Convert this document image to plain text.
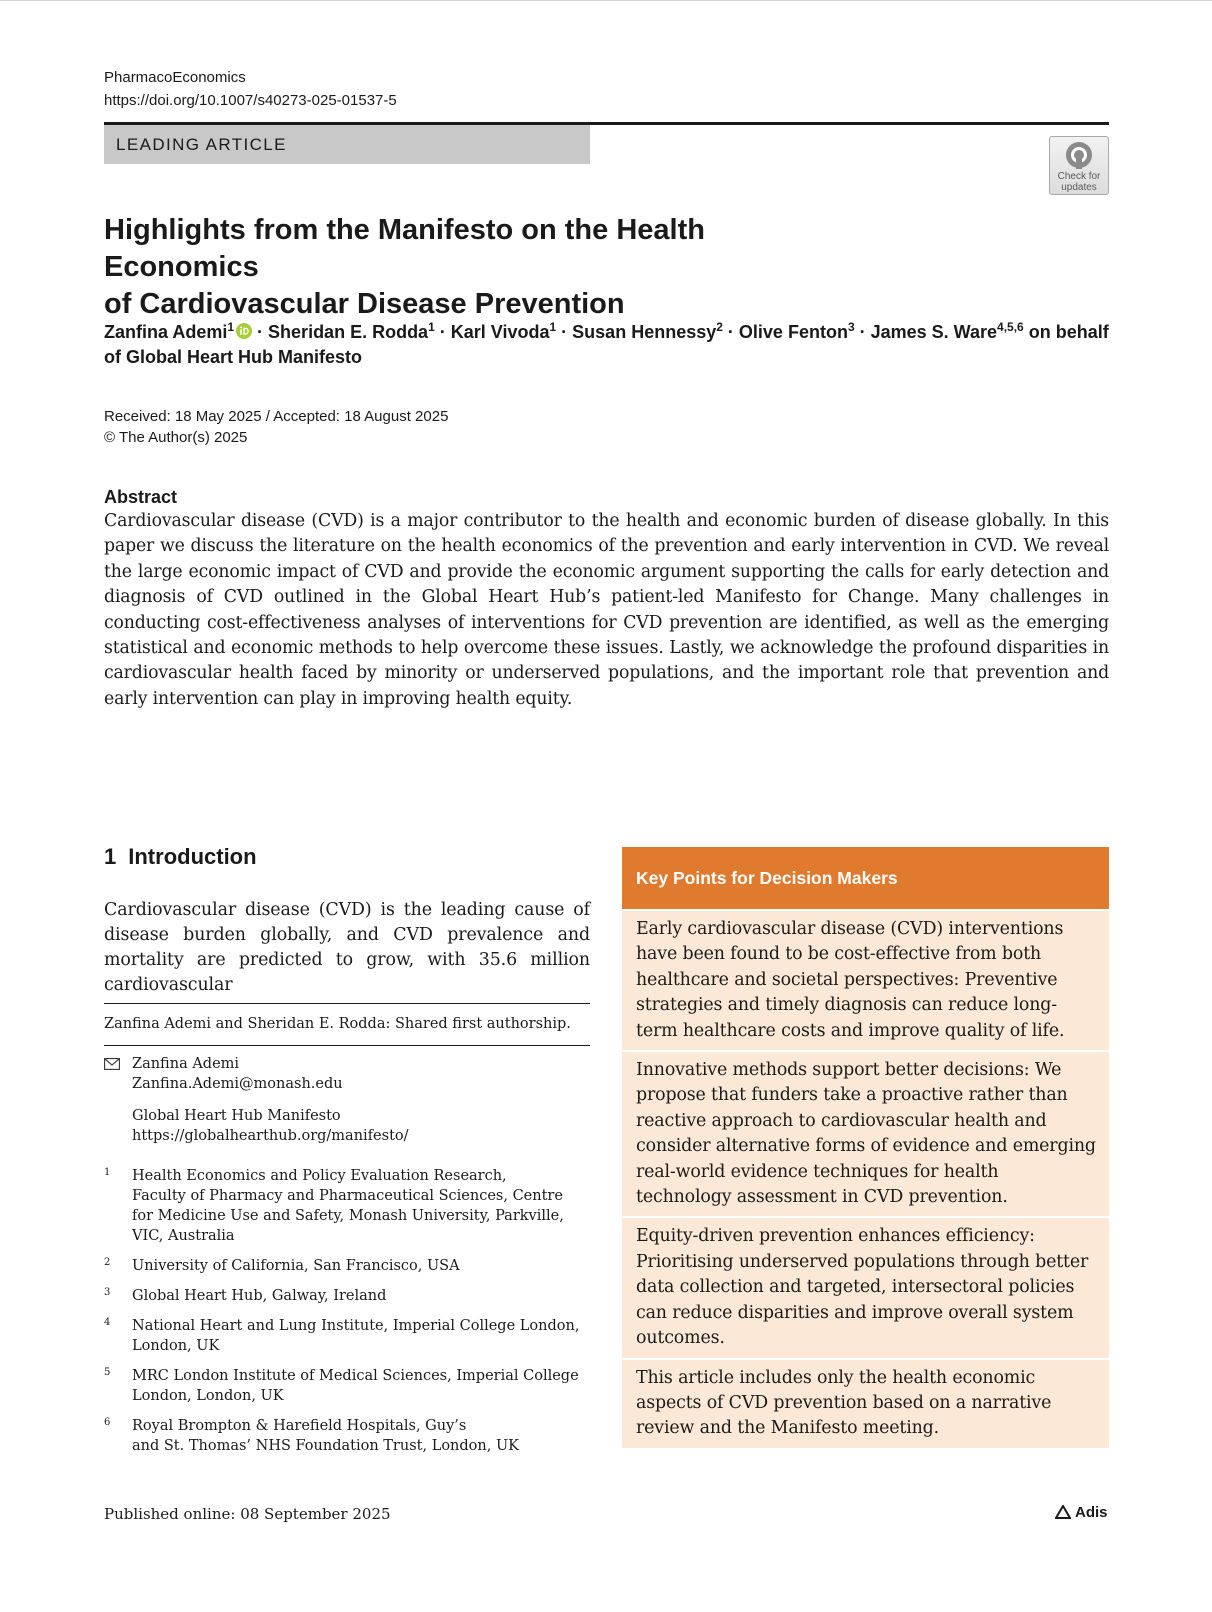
PharmacoEconomics
https://doi.org/10.1007/s40273-025-01537-5
LEADING ARTICLE
Check for
updates
Highlights from the Manifesto on the Health Economics
of Cardiovascular Disease Prevention
Zanfina Ademi$^1$
· Sheridan E. Rodda$^1$ · Karl Vivoda$^1$ · Susan Hennessy$^2$ · Olive Fenton$^3$ · James S. Ware$^{4,5,6}$ on behalf of Global Heart Hub Manifesto
Received: 18 May 2025 / Accepted: 18 August 2025
© The Author(s) 2025
Abstract
Cardiovascular disease (CVD) is a major contributor to the health and economic burden of disease globally. In this paper we discuss the literature on the health economics of the prevention and early intervention in CVD. We reveal the large economic impact of CVD and provide the economic argument supporting the calls for early detection and diagnosis of CVD outlined in the Global Heart Hub’s patient-led Manifesto for Change. Many challenges in conducting cost-effectiveness analyses of interventions for CVD prevention are identified, as well as the emerging statistical and economic methods to help overcome these issues. Lastly, we acknowledge the profound disparities in cardiovascular health faced by minority or underserved populations, and the important role that prevention and early intervention can play in improving health equity.
1 Introduction
Cardiovascular disease (CVD) is the leading cause of disease burden globally, and CVD prevalence and mortality are predicted to grow, with 35.6 million cardiovascular
Zanfina Ademi and Sheridan E. Rodda: Shared first authorship.
Zanfina Ademi
Zanfina.Ademi@monash.edu
Global Heart Hub Manifesto
https://globalhearthub.org/manifesto/
1 Health Economics and Policy Evaluation Research,
Faculty of Pharmacy and Pharmaceutical Sciences, Centre
for Medicine Use and Safety, Monash University, Parkville,
VIC, Australia
2 University of California, San Francisco, USA
3 Global Heart Hub, Galway, Ireland
4 National Heart and Lung Institute, Imperial College London,
London, UK
5 MRC London Institute of Medical Sciences, Imperial College
London, London, UK
6 Royal Brompton & Harefield Hospitals, Guy’s
and St. Thomas’ NHS Foundation Trust, London, UK
Key Points for Decision Makers
Early cardiovascular disease (CVD) interventions have been found to be cost-effective from both healthcare and societal perspectives: Preventive strategies and timely diagnosis can reduce long-term healthcare costs and improve quality of life.
Innovative methods support better decisions: We propose that funders take a proactive rather than reactive approach to cardiovascular health and consider alternative forms of evidence and emerging real-world evidence techniques for health technology assessment in CVD prevention.
Equity-driven prevention enhances efficiency: Prioritising underserved populations through better data collection and targeted, intersectoral policies can reduce disparities and improve overall system outcomes.
This article includes only the health economic aspects of CVD prevention based on a narrative review and the Manifesto meeting.
Published online: 08 September 2025	Adis
